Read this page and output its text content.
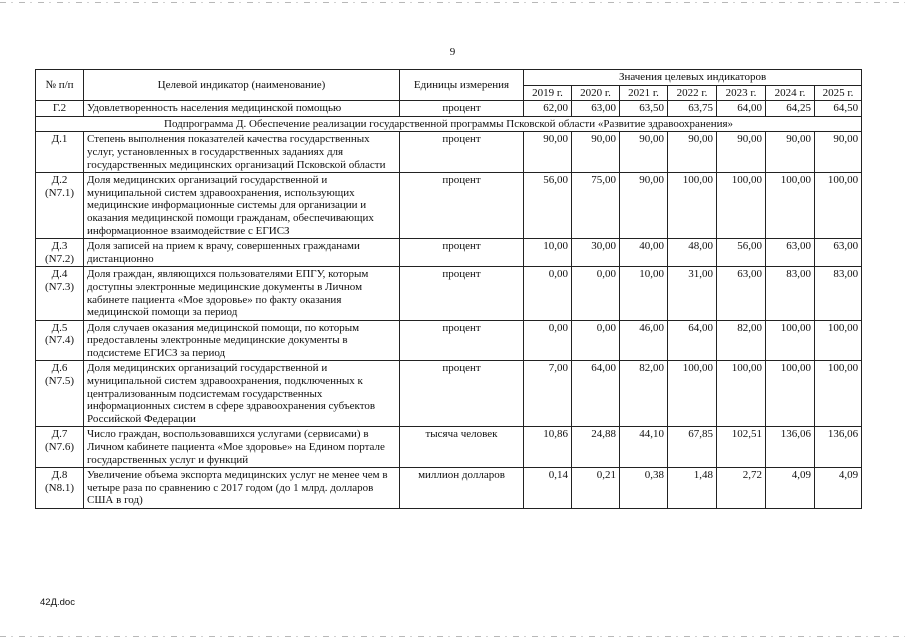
9
№ п/п	Целевой индикатор (наименование)	Единицы измерения	Значения целевых индикаторов						
			2019 г.	2020 г.	2021 г.	2022 г.	2023 г.	2024 г.	2025 г.
Г.2	Удовлетворенность населения медицинской помощью	процент	62,00	63,00	63,50	63,75	64,00	64,25	64,50
Подпрограмма Д. Обеспечение реализации государственной программы Псковской области «Развитие здравоохранения»									
Д.1	Степень выполнения показателей качества государственных услуг, установленных в государственных заданиях для государственных медицинских организаций Псковской области	процент	90,00	90,00	90,00	90,00	90,00	90,00	90,00
Д.2 (N7.1)	Доля медицинских организаций государственной и муниципальной систем здравоохранения, использующих медицинские информационные системы для организации и оказания медицинской помощи гражданам, обеспечивающих информационное взаимодействие с ЕГИСЗ	процент	56,00	75,00	90,00	100,00	100,00	100,00	100,00
Д.3 (N7.2)	Доля записей на прием к врачу, совершенных гражданами дистанционно	процент	10,00	30,00	40,00	48,00	56,00	63,00	63,00
Д.4 (N7.3)	Доля граждан, являющихся пользователями ЕПГУ, которым доступны электронные медицинские документы в Личном кабинете пациента «Мое здоровье» по факту оказания медицинской помощи за период	процент	0,00	0,00	10,00	31,00	63,00	83,00	83,00
Д.5 (N7.4)	Доля случаев оказания медицинской помощи, по которым предоставлены электронные медицинские документы в подсистеме ЕГИСЗ за период	процент	0,00	0,00	46,00	64,00	82,00	100,00	100,00
Д.6 (N7.5)	Доля медицинских организаций государственной и муниципальной систем здравоохранения, подключенных к централизованным подсистемам государственных информационных систем в сфере здравоохранения субъектов Российской Федерации	процент	7,00	64,00	82,00	100,00	100,00	100,00	100,00
Д.7 (N7.6)	Число граждан, воспользовавшихся услугами (сервисами) в Личном кабинете пациента «Мое здоровье» на Едином портале государственных услуг и функций	тысяча человек	10,86	24,88	44,10	67,85	102,51	136,06	136,06
Д.8 (N8.1)	Увеличение объема экспорта медицинских услуг не менее чем в четыре раза по сравнению с 2017 годом (до 1 млрд. долларов США в год)	миллион долларов	0,14	0,21	0,38	1,48	2,72	4,09	4,09
42Д.doc
